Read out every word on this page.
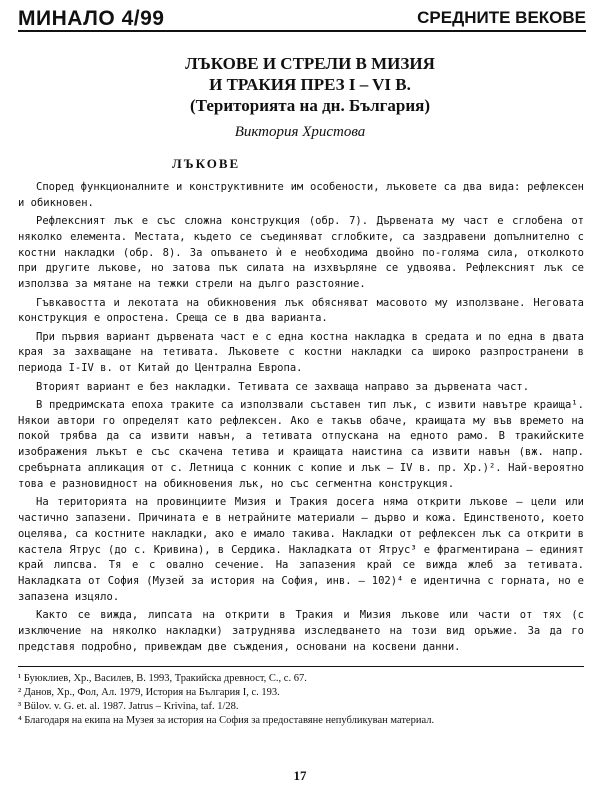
МИНАЛО 4/99	СРЕДНИТЕ ВЕКОВЕ
ЛЪКОВЕ И СТРЕЛИ В МИЗИЯ
И ТРАКИЯ ПРЕЗ I – VI В.
(Територията на дн. България)
Виктория Христова
ЛЪКОВЕ

Според функционалните и конструктивните им особености, лъковете са два вида: рефлексен и обикновен.

Рефлексният лък е със сложна конструкция (обр. 7). Дървената му част е сглобена от няколко елемента. Местата, където се съединяват сглобките, са заздравени допълнително с костни накладки (обр. 8). За опъването ѝ е необходима двойно по-голяма сила, отколкото при другите лъкове, но затова пък силата на изхвърляне се удвоява. Рефлексният лък се използва за мятане на тежки стрели на дълго разстояние.

Гъвкавостта и лекотата на обикновения лък обясняват масовото му използване. Неговата конструкция е опростена. Среща се в два варианта.

При първия вариант дървената част е с една костна накладка в средата и по една в двата края за захващане на тетивата. Лъковете с костни накладки са широко разпространени в периода I-IV в. от Китай до Централна Европа.

Вторият вариант е без накладки. Тетивата се захваща направо за дървената част.

В предримската епоха траките са използвали съставен тип лък, с извити навътре краища¹. Някои автори го определят като рефлексен. Ако е такъв обаче, краищата му във времето на покой трябва да са извити навън, а тетивата отпускана на едното рамо. В тракийските изображения лъкът е със скачена тетива и краищата наистина са извити навън (вж. напр. сребърната апликация от с. Летница с конник с копие и лък – IV в. пр. Хр.)². Най-вероятно това е разновидност на обикновения лък, но със сегментна конструкция.

На територията на провинциите Мизия и Тракия досега няма открити лъкове – цели или частично запазени. Причината е в нетрайните материали – дърво и кожа. Единственото, което оцелява, са костните накладки, ако е имало такива. Накладки от рефлексен лък са открити в кастела Ятрус (до с. Кривина), в Сердика. Накладката от Ятрус³ е фрагментирана – единият край липсва. Тя е с овално сечение. На запазения край се вижда жлеб за тетивата. Накладката от София (Музей за история на София, инв. – 102)⁴ е идентична с горната, но е запазена изцяло.

Както се вижда, липсата на открити в Тракия и Мизия лъкове или части от тях (с изключение на няколко накладки) затруднява изследването на този вид оръжие. За да го представя подробно, привеждам две съждения, основани на косвени данни.

¹ Буюклиев, Хр., Василев, В. 1993, Тракийска древност, С., с. 67.
² Данов, Хр., Фол, Ал. 1979, История на България I, с. 193.
³ Bülov. v. G. et. al. 1987. Jatrus – Krivina, taf. 1/28.
⁴ Благодаря на екипа на Музея за история на София за предоставяне непубликуван материал.
17
